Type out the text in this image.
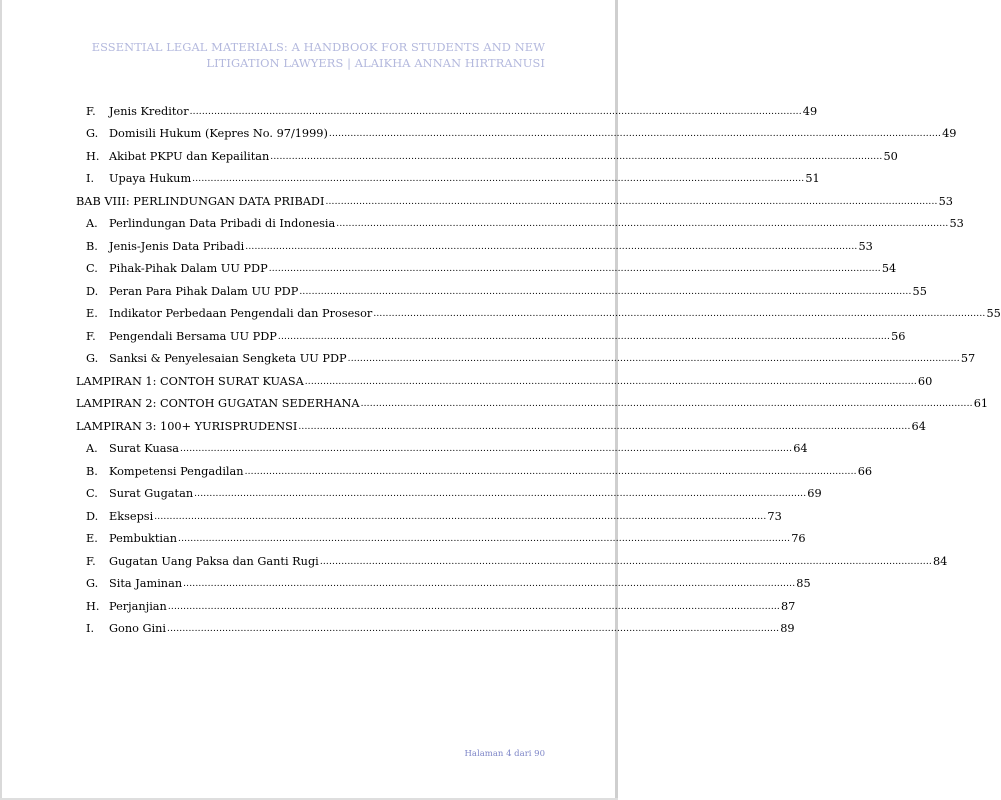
ESSENTIAL LEGAL MATERIALS: A HANDBOOK FOR STUDENTS AND NEW
LITIGATION LAWYERS | ALAIKHA ANNAN HIRTRANUSI
F.	Jenis Kreditor ........................................................................................................................................................................................................ 49
G. Domisili Hukum (Kepres No. 97/1999) ........................................................................................................................................................................................................ 49
H. Akibat PKPU dan Kepailitan ........................................................................................................................................................................................................ 50
I.	Upaya Hukum ........................................................................................................................................................................................................ 51
BAB VIII: PERLINDUNGAN DATA PRIBADI ........................................................................................................................................................................................................ 53
A. Perlindungan Data Pribadi di Indonesia ........................................................................................................................................................................................................ 53
B. Jenis-Jenis Data Pribadi ........................................................................................................................................................................................................ 53
C. Pihak-Pihak Dalam UU PDP ........................................................................................................................................................................................................ 54
D. Peran Para Pihak Dalam UU PDP ........................................................................................................................................................................................................ 55
E. Indikator Perbedaan Pengendali dan Prosesor ........................................................................................................................................................................................................ 55
F.	Pengendali Bersama UU PDP ........................................................................................................................................................................................................ 56
G. Sanksi & Penyelesaian Sengketa UU PDP ........................................................................................................................................................................................................ 57
LAMPIRAN 1: CONTOH SURAT KUASA ........................................................................................................................................................................................................ 60
LAMPIRAN 2: CONTOH GUGATAN SEDERHANA ........................................................................................................................................................................................................ 61
LAMPIRAN 3: 100+ YURISPRUDENSI ........................................................................................................................................................................................................ 64
A. Surat Kuasa ........................................................................................................................................................................................................ 64
B. Kompetensi Pengadilan ........................................................................................................................................................................................................ 66
C. Surat Gugatan ........................................................................................................................................................................................................ 69
D. Eksepsi ........................................................................................................................................................................................................ 73
E. Pembuktian ........................................................................................................................................................................................................ 76
F.	Gugatan Uang Paksa dan Ganti Rugi ........................................................................................................................................................................................................ 84
G. Sita Jaminan ........................................................................................................................................................................................................ 85
H. Perjanjian ........................................................................................................................................................................................................ 87
I.	Gono Gini ........................................................................................................................................................................................................ 89
Halaman 4 dari 90
